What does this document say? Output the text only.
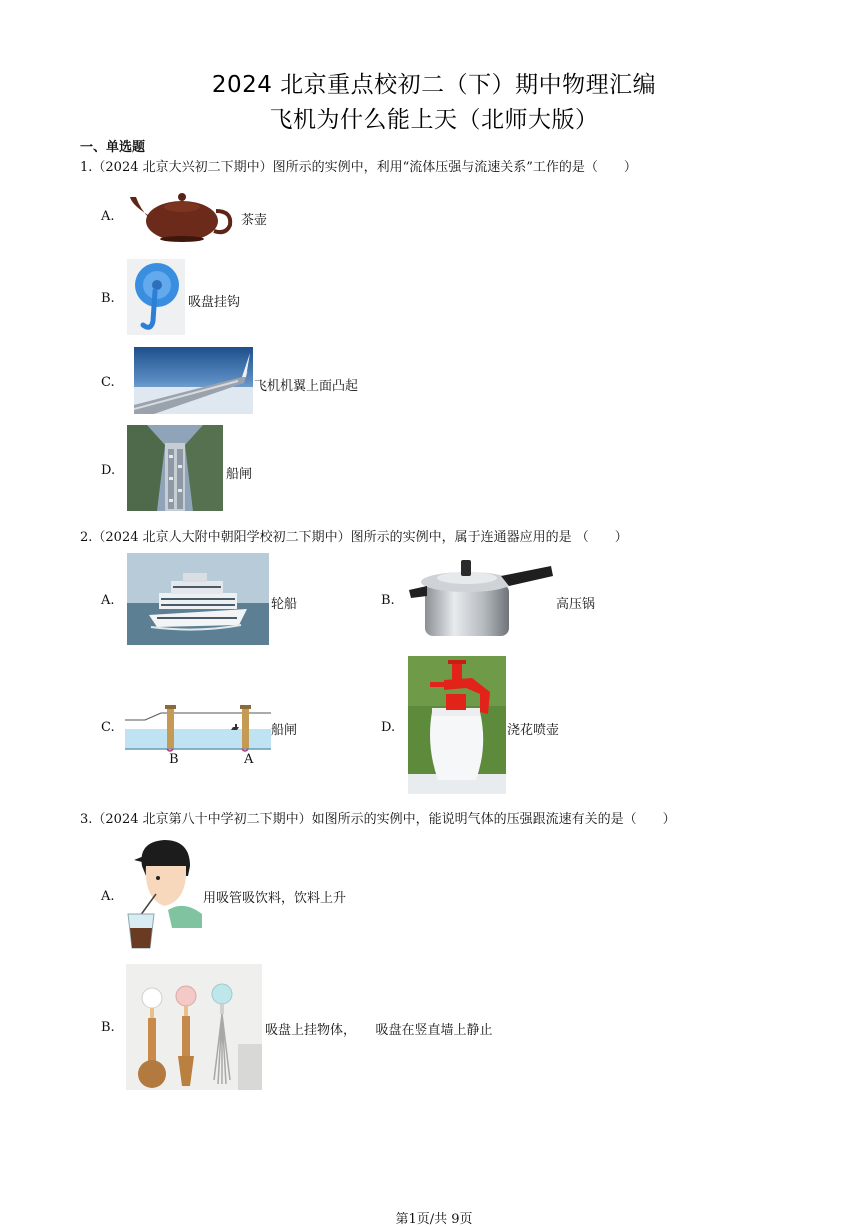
2024 北京重点校初二（下）期中物理汇编
飞机为什么能上天（北师大版）
一、单选题
1.（2024 北京大兴初二下期中）图所示的实例中，利用“流体压强与流速关系”工作的是（　　）
A.	茶壶
B.	吸盘挂钩
C.	飞机机翼上面凸起
D.	船闸
2.（2024 北京人大附中朝阳学校初二下期中）图所示的实例中，属于连通器应用的是 （　　）
A.	轮船	B.	高压锅
C.
B	A
船闸	D.	浇花喷壶
3.（2024 北京第八十中学初二下期中）如图所示的实例中，能说明气体的压强跟流速有关的是（　　）
A.	用吸管吸饮料，饮料上升
B.	吸盘上挂物体，　　吸盘在竖直墙上静止
第1页/共 9页
